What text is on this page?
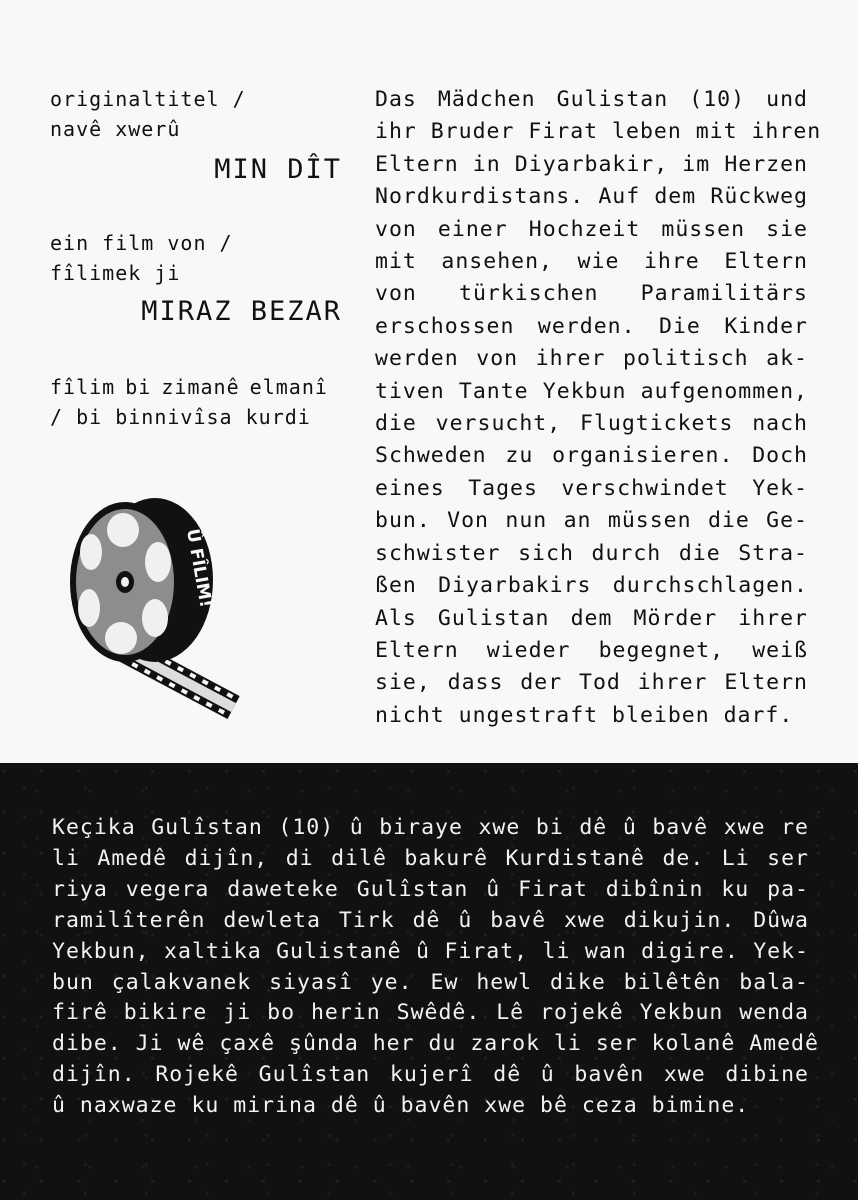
originaltitel /
navê xwerû
MIN DÎT
ein film von /
fîlimek ji
MIRAZ BEZAR
fîlim bi zimanê elmanî
/ bi binnivîsa kurdi
Û FÎLIM!
Das Mädchen Gulistan (10) und
ihr Bruder Firat leben mit ihren
Eltern in Diyarbakir, im Herzen
Nordkurdistans. Auf dem Rückweg
von einer Hochzeit müssen sie
mit ansehen, wie ihre Eltern
von türkischen Paramilitärs
erschossen werden. Die Kinder
werden von ihrer politisch ak-
tiven Tante Yekbun aufgenommen,
die versucht, Flugtickets nach
Schweden zu organisieren. Doch
eines Tages verschwindet Yek-
bun. Von nun an müssen die Ge-
schwister sich durch die Stra-
ßen Diyarbakirs durchschlagen.
Als Gulistan dem Mörder ihrer
Eltern wieder begegnet, weiß
sie, dass der Tod ihrer Eltern
nicht ungestraft bleiben darf.
Keçika Gulîstan (10) û biraye xwe bi dê û bavê xwe re
li Amedê dijîn, di dilê bakurê Kurdistanê de. Li ser
riya vegera daweteke Gulîstan û Firat dibînin ku pa-
ramilîterên dewleta Tirk dê û bavê xwe dikujin. Dûwa
Yekbun, xaltika Gulistanê û Firat, li wan digire. Yek-
bun çalakvanek siyasî ye. Ew hewl dike bilêtên bala-
firê bikire ji bo herin Swêdê. Lê rojekê Yekbun wenda
dibe. Ji wê çaxê şûnda her du zarok li ser kolanê Amedê
dijîn. Rojekê Gulîstan kujerî dê û bavên xwe dibine
û naxwaze ku mirina dê û bavên xwe bê ceza bimine.
